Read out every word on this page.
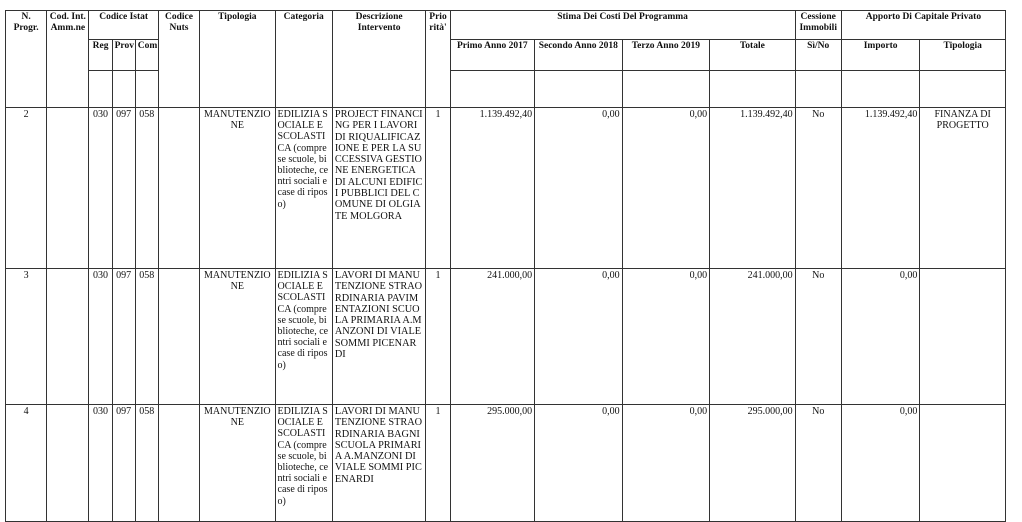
N. Progr.	Cod. Int. Amm.ne	Codice Istat			Codice Nuts	Tipologia	Categoria	Descrizione Intervento	Prio rità'	Stima Dei Costi Del Programma				Cessione Immobili	Apporto Di Capitale Privato	
		Reg	Prov	Com						Primo Anno 2017	Secondo Anno 2018	Terzo Anno 2019	Totale	Sì/No	Importo	Tipologia

2		030	097	058		MANUTENZIONE	EDILIZIA SOCIALE E SCOLASTICA (comprese scuole, biblioteche, centri sociali e case di riposo)	PROJECT FINANCING PER I LAVORI DI RIQUALIFICAZIONE E PER LA SUCCESSIVA GESTIONE ENERGETICA DI ALCUNI EDIFICI PUBBLICI DEL COMUNE DI OLGIATE MOLGORA	1	1.139.492,40	0,00	0,00	1.139.492,40	No	1.139.492,40	FINANZA DI PROGETTO
3		030	097	058		MANUTENZIONE	EDILIZIA SOCIALE E SCOLASTICA (comprese scuole, biblioteche, centri sociali e case di riposo)	LAVORI DI MANUTENZIONE STRAORDINARIA PAVIMENTAZIONI SCUOLA PRIMARIA A.MANZONI DI VIALE SOMMI PICENARDI	1	241.000,00	0,00	0,00	241.000,00	No	0,00	
4		030	097	058		MANUTENZIONE	EDILIZIA SOCIALE E SCOLASTICA (comprese scuole, biblioteche, centri sociali e case di riposo)	LAVORI DI MANUTENZIONE STRAORDINARIA BAGNI SCUOLA PRIMARIA A.MANZONI DI VIALE SOMMI PICENARDI	1	295.000,00	0,00	0,00	295.000,00	No	0,00	
